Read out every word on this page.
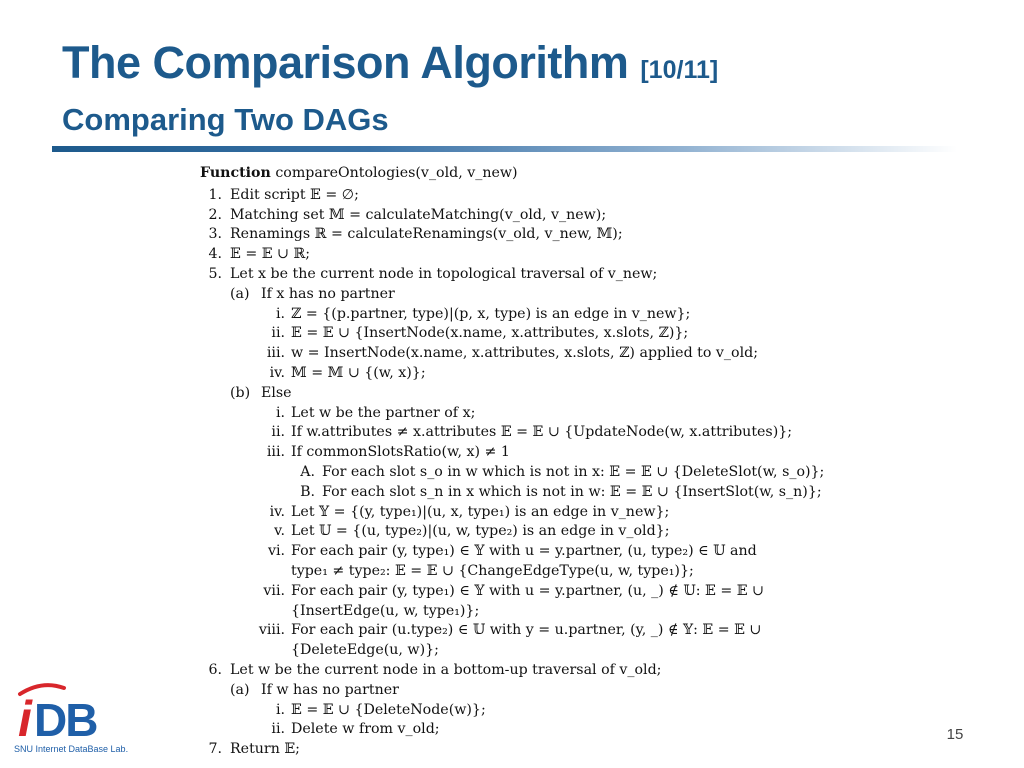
The Comparison Algorithm [10/11]
Comparing Two DAGs
Function compareOntologies(v_old, v_new)
1. Edit script 𝔼 = ∅;
2. Matching set 𝕄 = calculateMatching(v_old, v_new);
3. Renamings ℝ = calculateRenamings(v_old, v_new, 𝕄);
4. 𝔼 = 𝔼 ∪ ℝ;
5. Let x be the current node in topological traversal of v_new;
(a) If x has no partner
i. ℤ = {(p.partner, type)|(p, x, type) is an edge in v_new};
ii. 𝔼 = 𝔼 ∪ {InsertNode(x.name, x.attributes, x.slots, ℤ)};
iii. w = InsertNode(x.name, x.attributes, x.slots, ℤ) applied to v_old;
iv. 𝕄 = 𝕄 ∪ {(w, x)};
(b) Else
i. Let w be the partner of x;
ii. If w.attributes ≠ x.attributes 𝔼 = 𝔼 ∪ {UpdateNode(w, x.attributes)};
iii. If commonSlotsRatio(w, x) ≠ 1
A. For each slot s_o in w which is not in x: 𝔼 = 𝔼 ∪ {DeleteSlot(w, s_o)};
B. For each slot s_n in x which is not in w: 𝔼 = 𝔼 ∪ {InsertSlot(w, s_n)};
iv. Let 𝕐 = {(y, type₁)|(u, x, type₁) is an edge in v_new};
v. Let 𝕌 = {(u, type₂)|(u, w, type₂) is an edge in v_old};
vi. For each pair (y, type₁) ∈ 𝕐 with u = y.partner, (u, type₂) ∈ 𝕌 and
type₁ ≠ type₂: 𝔼 = 𝔼 ∪ {ChangeEdgeType(u, w, type₁)};
vii. For each pair (y, type₁) ∈ 𝕐 with u = y.partner, (u, _) ∉ 𝕌: 𝔼 = 𝔼 ∪
{InsertEdge(u, w, type₁)};
viii. For each pair (u.type₂) ∈ 𝕌 with y = u.partner, (y, _) ∉ 𝕐: 𝔼 = 𝔼 ∪
{DeleteEdge(u, w)};
6. Let w be the current node in a bottom-up traversal of v_old;
(a) If w has no partner
i. 𝔼 = 𝔼 ∪ {DeleteNode(w)};
ii. Delete w from v_old;
7. Return 𝔼;
i DB
SNU Internet DataBase Lab.
15
